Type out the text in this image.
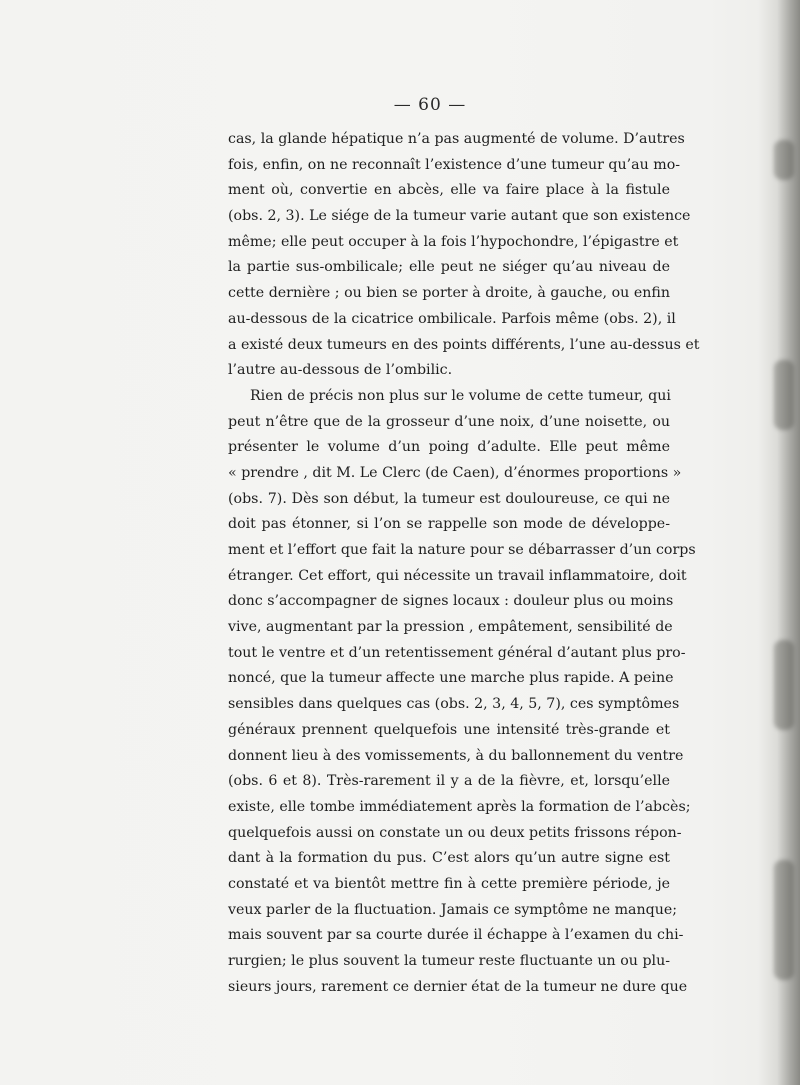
— 60 —
cas, la glande hépatique n’a pas augmenté de volume. D’autres
fois, enfin, on ne reconnaît l’existence d’une tumeur qu’au mo-
ment où, convertie en abcès, elle va faire place à la fistule
(obs. 2, 3). Le siége de la tumeur varie autant que son existence
même; elle peut occuper à la fois l’hypochondre, l’épigastre et
la partie sus-ombilicale; elle peut ne siéger qu’au niveau de
cette dernière ; ou bien se porter à droite, à gauche, ou enfin
au-dessous de la cicatrice ombilicale. Parfois même (obs. 2), il
a existé deux tumeurs en des points différents, l’une au-dessus et
l’autre au-dessous de l’ombilic.
Rien de précis non plus sur le volume de cette tumeur, qui
peut n’être que de la grosseur d’une noix, d’une noisette, ou
présenter le volume d’un poing d’adulte. Elle peut même
« prendre , dit M. Le Clerc (de Caen), d’énormes proportions »
(obs. 7). Dès son début, la tumeur est douloureuse, ce qui ne
doit pas étonner, si l’on se rappelle son mode de développe-
ment et l’effort que fait la nature pour se débarrasser d’un corps
étranger. Cet effort, qui nécessite un travail inflammatoire, doit
donc s’accompagner de signes locaux : douleur plus ou moins
vive, augmentant par la pression , empâtement, sensibilité de
tout le ventre et d’un retentissement général d’autant plus pro-
noncé, que la tumeur affecte une marche plus rapide. A peine
sensibles dans quelques cas (obs. 2, 3, 4, 5, 7), ces symptômes
généraux prennent quelquefois une intensité très-grande et
donnent lieu à des vomissements, à du ballonnement du ventre
(obs. 6 et 8). Très-rarement il y a de la fièvre, et, lorsqu’elle
existe, elle tombe immédiatement après la formation de l’abcès;
quelquefois aussi on constate un ou deux petits frissons répon-
dant à la formation du pus. C’est alors qu’un autre signe est
constaté et va bientôt mettre fin à cette première période, je
veux parler de la fluctuation. Jamais ce symptôme ne manque;
mais souvent par sa courte durée il échappe à l’examen du chi-
rurgien; le plus souvent la tumeur reste fluctuante un ou plu-
sieurs jours, rarement ce dernier état de la tumeur ne dure que
